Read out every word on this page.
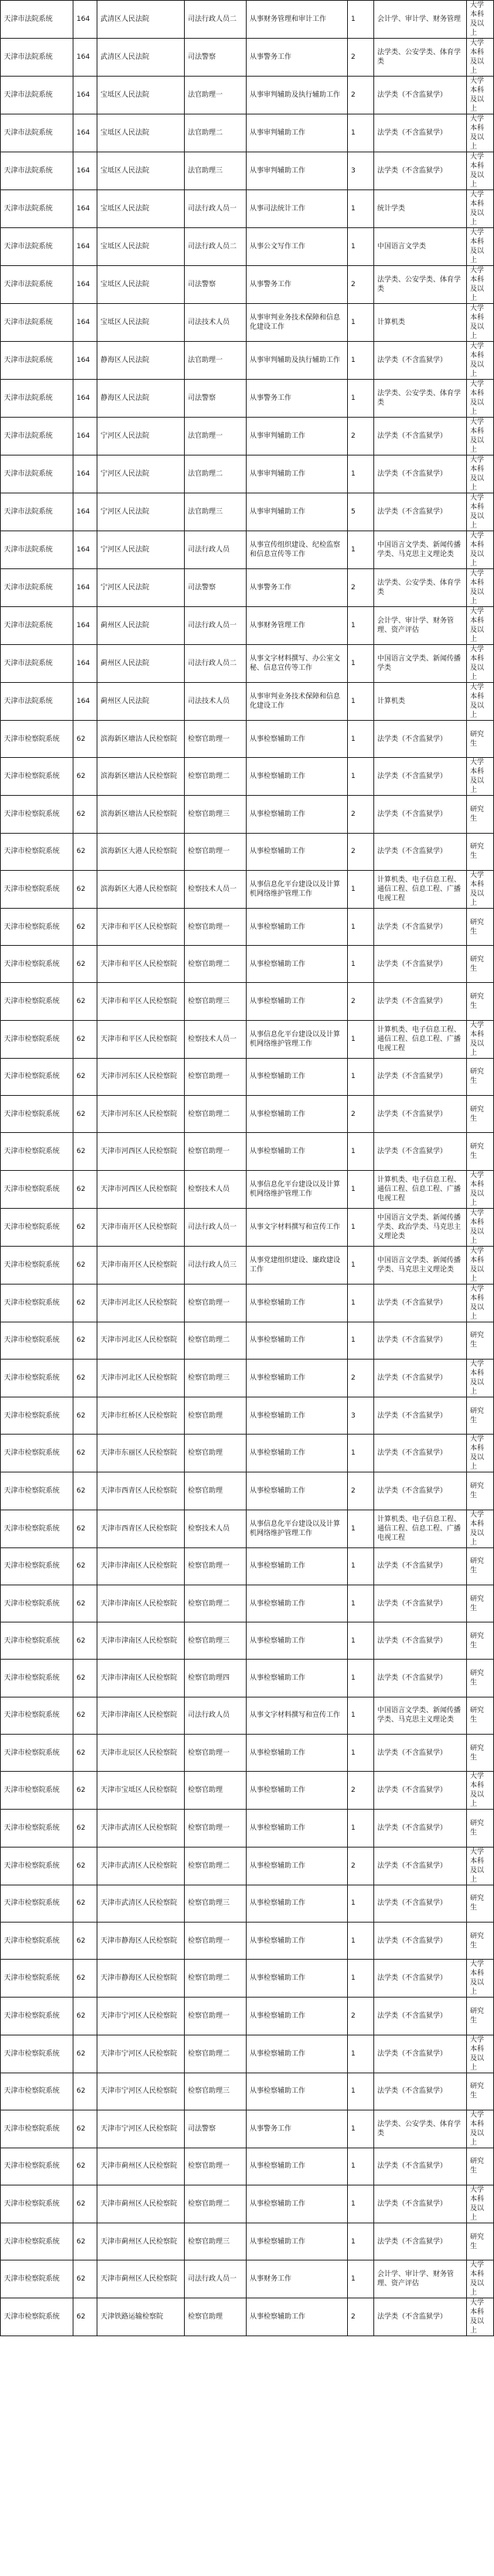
天津市法院系统	164	武清区人民法院	司法行政人员二	从事财务管理和审计工作	1	会计学、审计学、财务管理	大学本科及以上
天津市法院系统	164	武清区人民法院	司法警察	从事警务工作	2	法学类、公安学类、体育学类	大学本科及以上
天津市法院系统	164	宝坻区人民法院	法官助理一	从事审判辅助及执行辅助工作	2	法学类（不含监狱学）	大学本科及以上
天津市法院系统	164	宝坻区人民法院	法官助理二	从事审判辅助工作	1	法学类（不含监狱学）	大学本科及以上
天津市法院系统	164	宝坻区人民法院	法官助理三	从事审判辅助工作	3	法学类（不含监狱学）	大学本科及以上
天津市法院系统	164	宝坻区人民法院	司法行政人员一	从事司法统计工作	1	统计学类	大学本科及以上
天津市法院系统	164	宝坻区人民法院	司法行政人员二	从事公文写作工作	1	中国语言文学类	大学本科及以上
天津市法院系统	164	宝坻区人民法院	司法警察	从事警务工作	2	法学类、公安学类、体育学类	大学本科及以上
天津市法院系统	164	宝坻区人民法院	司法技术人员	从事审判业务技术保障和信息化建设工作	1	计算机类	大学本科及以上
天津市法院系统	164	静海区人民法院	法官助理一	从事审判辅助及执行辅助工作	1	法学类（不含监狱学）	大学本科及以上
天津市法院系统	164	静海区人民法院	司法警察	从事警务工作	1	法学类、公安学类、体育学类	大学本科及以上
天津市法院系统	164	宁河区人民法院	法官助理一	从事审判辅助工作	2	法学类（不含监狱学）	大学本科及以上
天津市法院系统	164	宁河区人民法院	法官助理二	从事审判辅助工作	1	法学类（不含监狱学）	大学本科及以上
天津市法院系统	164	宁河区人民法院	法官助理三	从事审判辅助工作	5	法学类（不含监狱学）	大学本科及以上
天津市法院系统	164	宁河区人民法院	司法行政人员	从事宣传组织建设、纪检监察和信息宣传等工作	1	中国语言文学类、新闻传播学类、马克思主义理论类	大学本科及以上
天津市法院系统	164	宁河区人民法院	司法警察	从事警务工作	2	法学类、公安学类、体育学类	大学本科及以上
天津市法院系统	164	蓟州区人民法院	司法行政人员一	从事财务管理工作	1	会计学、审计学、财务管理、资产评估	大学本科及以上
天津市法院系统	164	蓟州区人民法院	司法行政人员二	从事文字材料撰写、办公室文秘、信息宣传等工作	1	中国语言文学类、新闻传播学类	大学本科及以上
天津市法院系统	164	蓟州区人民法院	司法技术人员	从事审判业务技术保障和信息化建设工作	1	计算机类	大学本科及以上
天津市检察院系统	62	滨海新区塘沽人民检察院	检察官助理一	从事检察辅助工作	1	法学类（不含监狱学）	研究生
天津市检察院系统	62	滨海新区塘沽人民检察院	检察官助理二	从事检察辅助工作	1	法学类（不含监狱学）	大学本科及以上
天津市检察院系统	62	滨海新区塘沽人民检察院	检察官助理三	从事检察辅助工作	2	法学类（不含监狱学）	研究生
天津市检察院系统	62	滨海新区大港人民检察院	检察官助理一	从事检察辅助工作	2	法学类（不含监狱学）	研究生
天津市检察院系统	62	滨海新区大港人民检察院	检察技术人员一	从事信息化平台建设以及计算机网络维护管理工作	1	计算机类、电子信息工程、通信工程、信息工程、广播电视工程	大学本科及以上
天津市检察院系统	62	天津市和平区人民检察院	检察官助理一	从事检察辅助工作	1	法学类（不含监狱学）	研究生
天津市检察院系统	62	天津市和平区人民检察院	检察官助理二	从事检察辅助工作	1	法学类（不含监狱学）	研究生
天津市检察院系统	62	天津市和平区人民检察院	检察官助理三	从事检察辅助工作	2	法学类（不含监狱学）	研究生
天津市检察院系统	62	天津市和平区人民检察院	检察技术人员一	从事信息化平台建设以及计算机网络维护管理工作	1	计算机类、电子信息工程、通信工程、信息工程、广播电视工程	大学本科及以上
天津市检察院系统	62	天津市河东区人民检察院	检察官助理一	从事检察辅助工作	1	法学类（不含监狱学）	研究生
天津市检察院系统	62	天津市河东区人民检察院	检察官助理二	从事检察辅助工作	2	法学类（不含监狱学）	研究生
天津市检察院系统	62	天津市河西区人民检察院	检察官助理一	从事检察辅助工作	1	法学类（不含监狱学）	研究生
天津市检察院系统	62	天津市河西区人民检察院	检察技术人员	从事信息化平台建设以及计算机网络维护管理工作	1	计算机类、电子信息工程、通信工程、信息工程、广播电视工程	大学本科及以上
天津市检察院系统	62	天津市南开区人民检察院	司法行政人员一	从事文字材料撰写和宣传工作	1	中国语言文学类、新闻传播学类、政治学类、马克思主义理论类	大学本科及以上
天津市检察院系统	62	天津市南开区人民检察院	司法行政人员三	从事党建组织建设、廉政建设工作	1	中国语言文学类、新闻传播学类、马克思主义理论类	大学本科及以上
天津市检察院系统	62	天津市河北区人民检察院	检察官助理一	从事检察辅助工作	1	法学类（不含监狱学）	大学本科及以上
天津市检察院系统	62	天津市河北区人民检察院	检察官助理二	从事检察辅助工作	1	法学类（不含监狱学）	研究生
天津市检察院系统	62	天津市河北区人民检察院	检察官助理三	从事检察辅助工作	2	法学类（不含监狱学）	大学本科及以上
天津市检察院系统	62	天津市红桥区人民检察院	检察官助理	从事检察辅助工作	3	法学类（不含监狱学）	研究生
天津市检察院系统	62	天津市东丽区人民检察院	检察官助理	从事检察辅助工作	1	法学类（不含监狱学）	大学本科及以上
天津市检察院系统	62	天津市西青区人民检察院	检察官助理	从事检察辅助工作	2	法学类（不含监狱学）	研究生
天津市检察院系统	62	天津市西青区人民检察院	检察技术人员	从事信息化平台建设以及计算机网络维护管理工作	1	计算机类、电子信息工程、通信工程、信息工程、广播电视工程	大学本科及以上
天津市检察院系统	62	天津市津南区人民检察院	检察官助理一	从事检察辅助工作	1	法学类（不含监狱学）	研究生
天津市检察院系统	62	天津市津南区人民检察院	检察官助理二	从事检察辅助工作	1	法学类（不含监狱学）	研究生
天津市检察院系统	62	天津市津南区人民检察院	检察官助理三	从事检察辅助工作	1	法学类（不含监狱学）	研究生
天津市检察院系统	62	天津市津南区人民检察院	检察官助理四	从事检察辅助工作	1	法学类（不含监狱学）	研究生
天津市检察院系统	62	天津市津南区人民检察院	司法行政人员	从事文字材料撰写和宣传工作	1	中国语言文学类、新闻传播学类、马克思主义理论类	研究生
天津市检察院系统	62	天津市北辰区人民检察院	检察官助理一	从事检察辅助工作	1	法学类（不含监狱学）	研究生
天津市检察院系统	62	天津市宝坻区人民检察院	检察官助理	从事检察辅助工作	2	法学类（不含监狱学）	大学本科及以上
天津市检察院系统	62	天津市武清区人民检察院	检察官助理一	从事检察辅助工作	1	法学类（不含监狱学）	研究生
天津市检察院系统	62	天津市武清区人民检察院	检察官助理二	从事检察辅助工作	2	法学类（不含监狱学）	大学本科及以上
天津市检察院系统	62	天津市武清区人民检察院	检察官助理三	从事检察辅助工作	1	法学类（不含监狱学）	研究生
天津市检察院系统	62	天津市静海区人民检察院	检察官助理一	从事检察辅助工作	1	法学类（不含监狱学）	研究生
天津市检察院系统	62	天津市静海区人民检察院	检察官助理二	从事检察辅助工作	1	法学类（不含监狱学）	大学本科及以上
天津市检察院系统	62	天津市宁河区人民检察院	检察官助理一	从事检察辅助工作	2	法学类（不含监狱学）	研究生
天津市检察院系统	62	天津市宁河区人民检察院	检察官助理二	从事检察辅助工作	1	法学类（不含监狱学）	大学本科及以上
天津市检察院系统	62	天津市宁河区人民检察院	检察官助理三	从事检察辅助工作	1	法学类（不含监狱学）	研究生
天津市检察院系统	62	天津市宁河区人民检察院	司法警察	从事警务工作	1	法学类、公安学类、体育学类	大学本科及以上
天津市检察院系统	62	天津市蓟州区人民检察院	检察官助理一	从事检察辅助工作	1	法学类（不含监狱学）	研究生
天津市检察院系统	62	天津市蓟州区人民检察院	检察官助理二	从事检察辅助工作	1	法学类（不含监狱学）	大学本科及以上
天津市检察院系统	62	天津市蓟州区人民检察院	检察官助理三	从事检察辅助工作	1	法学类（不含监狱学）	研究生
天津市检察院系统	62	天津市蓟州区人民检察院	司法行政人员一	从事财务工作	1	会计学、审计学、财务管理、资产评估	大学本科及以上
天津市检察院系统	62	天津铁路运输检察院	检察官助理	从事检察辅助工作	2	法学类（不含监狱学）	大学本科及以上
